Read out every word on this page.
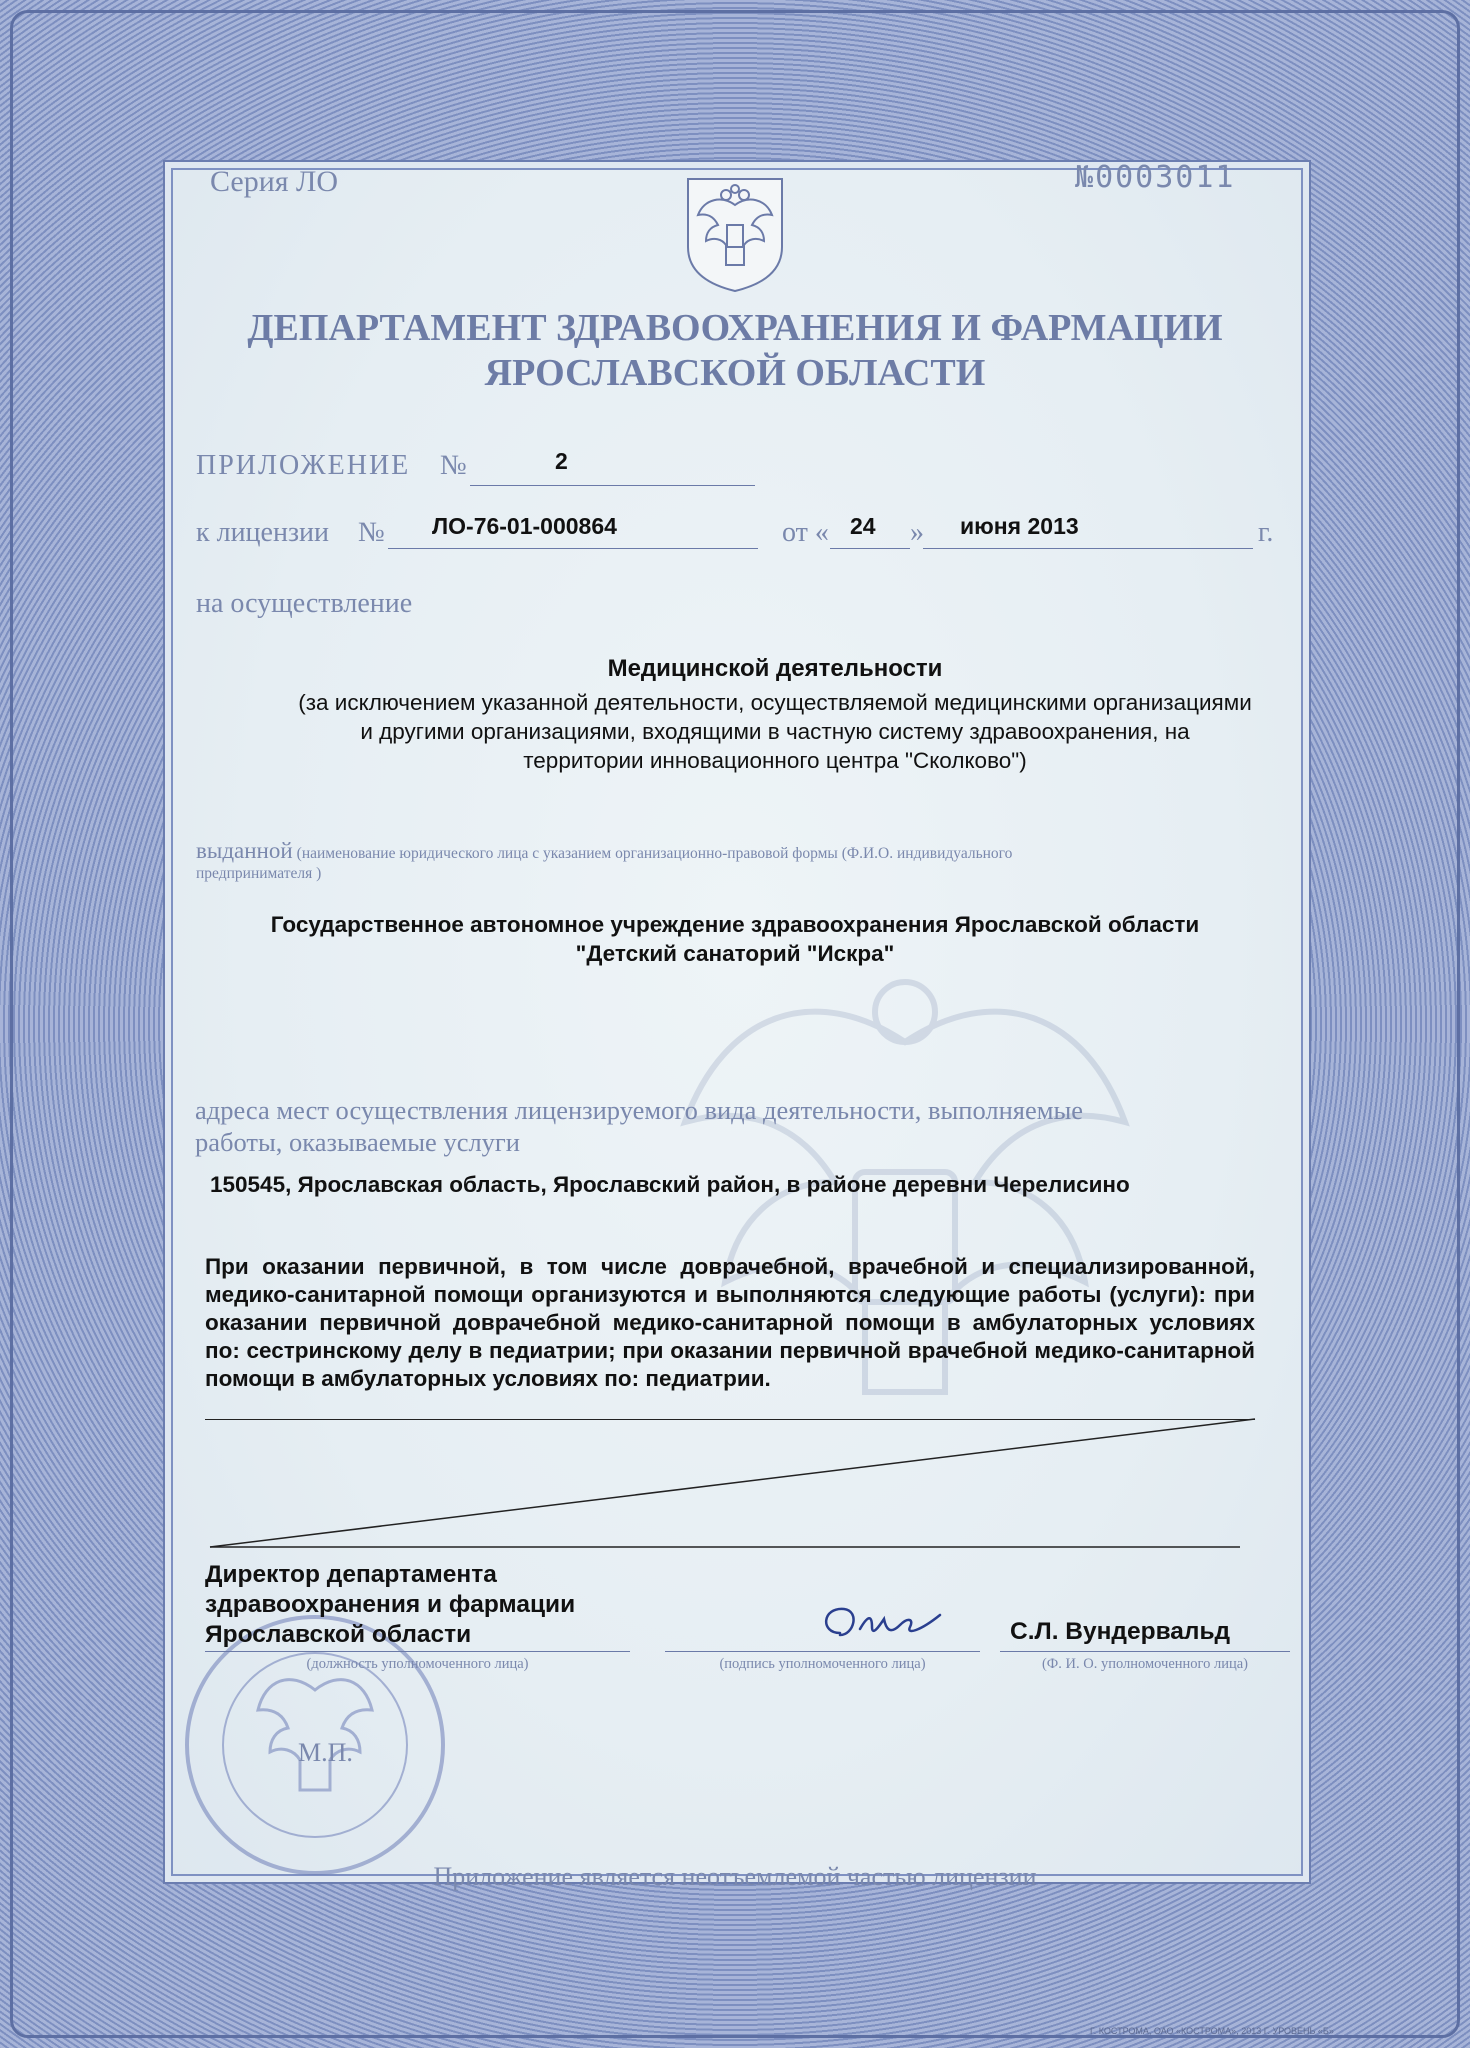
Серия ЛО	№0003011
ДЕПАРТАМЕНТ ЗДРАВООХРАНЕНИЯ И ФАРМАЦИИ
ЯРОСЛАВСКОЙ ОБЛАСТИ
ПРИЛОЖЕНИЕ №	2
к лицензии № ЛО-76-01-000864	от « 24 » июня 2013	г.
на осуществление
Медицинской деятельности
(за исключением указанной деятельности, осуществляемой медицинскими организациями
и другими организациями, входящими в частную систему здравоохранения, на
территории инновационного центра "Сколково")
выданной (наименование юридического лица с указанием организационно-правовой формы (Ф.И.О. индивидуального
предпринимателя )
Государственное автономное учреждение здравоохранения Ярославской области
"Детский санаторий "Искра"
адреса мест осуществления лицензируемого вида деятельности, выполняемые
работы, оказываемые услуги
150545, Ярославская область, Ярославский район, в районе деревни Черелисино
При оказании первичной, в том числе доврачебной, врачебной и специализированной, медико-санитарной помощи организуются и выполняются следующие работы (услуги): при оказании первичной доврачебной медико-санитарной помощи в амбулаторных условиях по: сестринскому делу в педиатрии; при оказании первичной врачебной медико-санитарной помощи в амбулаторных условиях по: педиатрии.
Директор департамента
здравоохранения и фармации
Ярославской области
(должность уполномоченного лица)	(подпись уполномоченного лица)
С.Л. Вундервальд
(Ф. И. О. уполномоченного лица)
М.П.
Приложение является неотъемлемой частью лицензии
Г. КОСТРОМА, ОАО «КОСТРОМА», 2013 Г. УРОВЕНЬ «Б»
